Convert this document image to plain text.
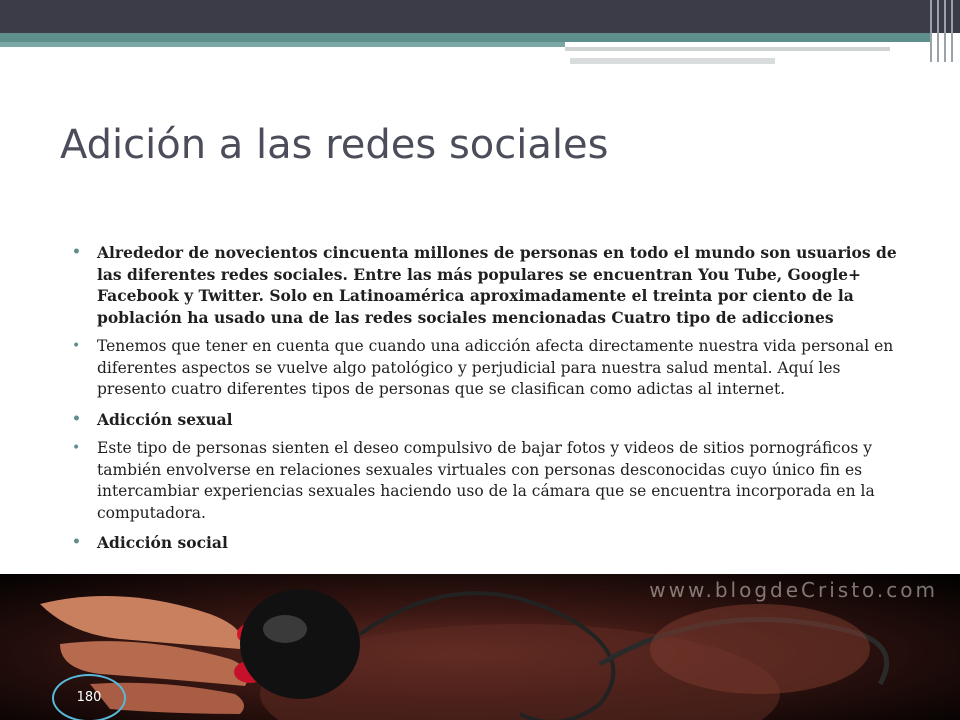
Adición a las redes sociales
• Alrededor de novecientos cincuenta millones de personas en todo el mundo son usuarios de las diferentes redes sociales. Entre las más populares se encuentran You Tube, Google+ Facebook y Twitter. Solo en Latinoamérica aproximadamente el treinta por ciento de la población ha usado una de las redes sociales mencionadas Cuatro tipo de adicciones
• Tenemos que tener en cuenta que cuando una adicción afecta directamente nuestra vida personal en diferentes aspectos se vuelve algo patológico y perjudicial para nuestra salud mental. Aquí les presento cuatro diferentes tipos de personas que se clasifican como adictas al internet.
• Adicción sexual
• Este tipo de personas sienten el deseo compulsivo de bajar fotos y videos de sitios pornográficos y también envolverse en relaciones sexuales virtuales con personas desconocidas cuyo único fin es intercambiar experiencias sexuales haciendo uso de la cámara que se encuentra incorporada en la computadora.
• Adicción social
www.blogdeCristo.com
180
